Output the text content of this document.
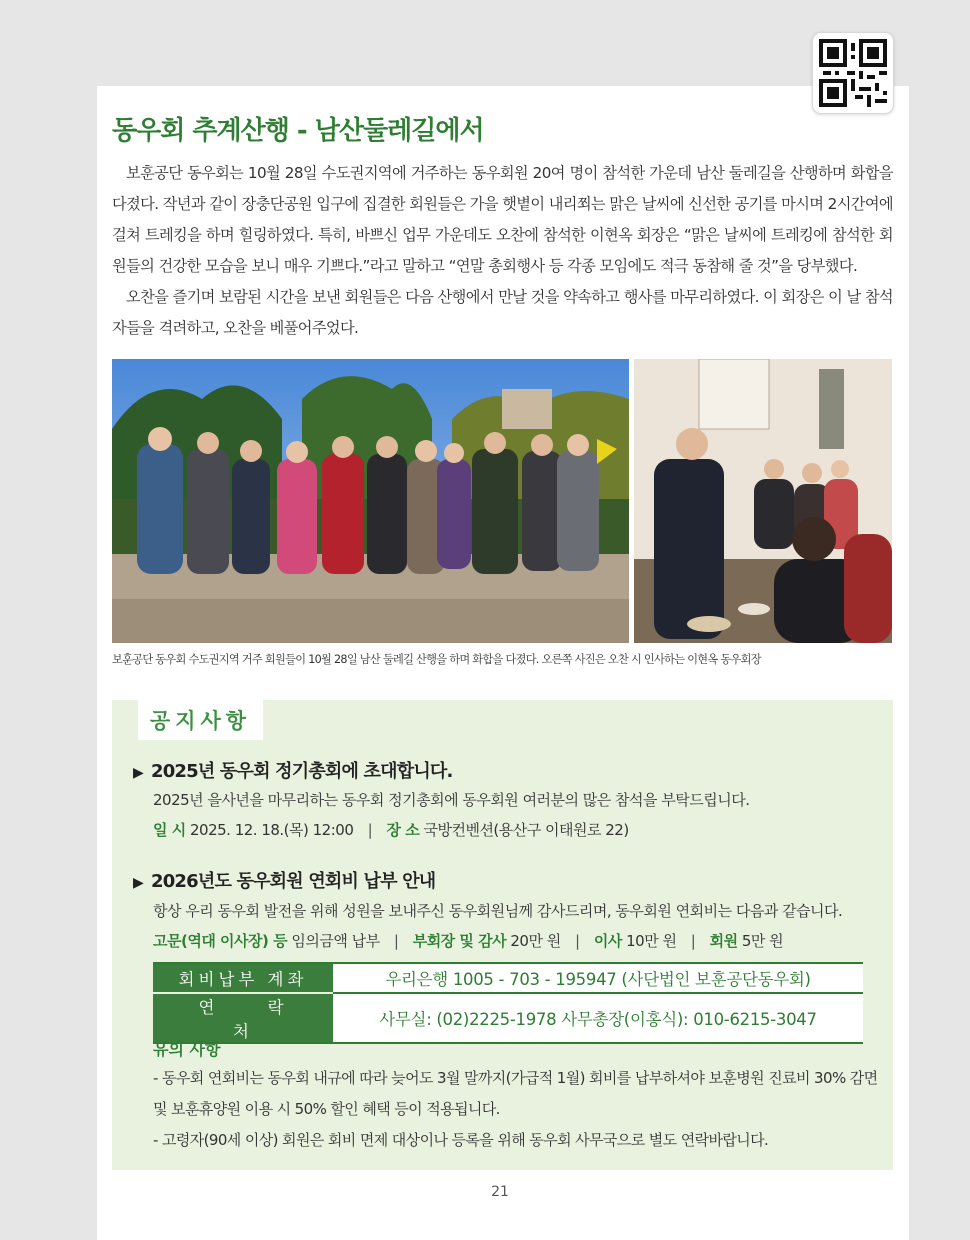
동우회 추계산행 - 남산둘레길에서

보훈공단 동우회는 10월 28일 수도권지역에 거주하는 동우회원 20여 명이 참석한 가운데 남산 둘레길을 산행하며 화합을 다졌다. 작년과 같이 장충단공원 입구에 집결한 회원들은 가을 햇볕이 내리쬐는 맑은 날씨에 신선한 공기를 마시며 2시간여에 걸쳐 트레킹을 하며 힐링하였다. 특히, 바쁘신 업무 가운데도 오찬에 참석한 이현옥 회장은 “맑은 날씨에 트레킹에 참석한 회원들의 건강한 모습을 보니 매우 기쁘다.”라고 말하고 “연말 총회행사 등 각종 모임에도 적극 동참해 줄 것”을 당부했다.

오찬을 즐기며 보람된 시간을 보낸 회원들은 다음 산행에서 만날 것을 약속하고 행사를 마무리하였다. 이 회장은 이 날 참석자들을 격려하고, 오찬을 베풀어주었다.

보훈공단 동우회 수도권지역 거주 회원들이 10월 28일 남산 둘레길 산행을 하며 화합을 다졌다. 오른쪽 사진은 오찬 시 인사하는 이현옥 동우회장
공지사항
▶ 2025년 동우회 정기총회에 초대합니다.
2025년 을사년을 마무리하는 동우회 정기총회에 동우회원 여러분의 많은 참석을 부탁드립니다.
일 시 2025. 12. 18.(목) 12:00 | 장 소 국방컨벤션(용산구 이태원로 22)
▶ 2026년도 동우회원 연회비 납부 안내
항상 우리 동우회 발전을 위해 성원을 보내주신 동우회원님께 감사드리며, 동우회원 연회비는 다음과 같습니다.
고문(역대 이사장) 등 임의금액 납부 | 부회장 및 감사 20만 원 | 이사 10만 원 | 회원 5만 원
회비납부 계좌	우리은행 1005 - 703 - 195947 (사단법인 보훈공단동우회)
연 락 처	사무실: (02)2225-1978 사무총장(이홍식): 010-6215-3047
유의 사항
- 동우회 연회비는 동우회 내규에 따라 늦어도 3월 말까지(가급적 1월) 회비를 납부하셔야 보훈병원 진료비 30% 감면 및 보훈휴양원 이용 시 50% 할인 혜택 등이 적용됩니다.
- 고령자(90세 이상) 회원은 회비 면제 대상이나 등록을 위해 동우회 사무국으로 별도 연락바랍니다.
21
